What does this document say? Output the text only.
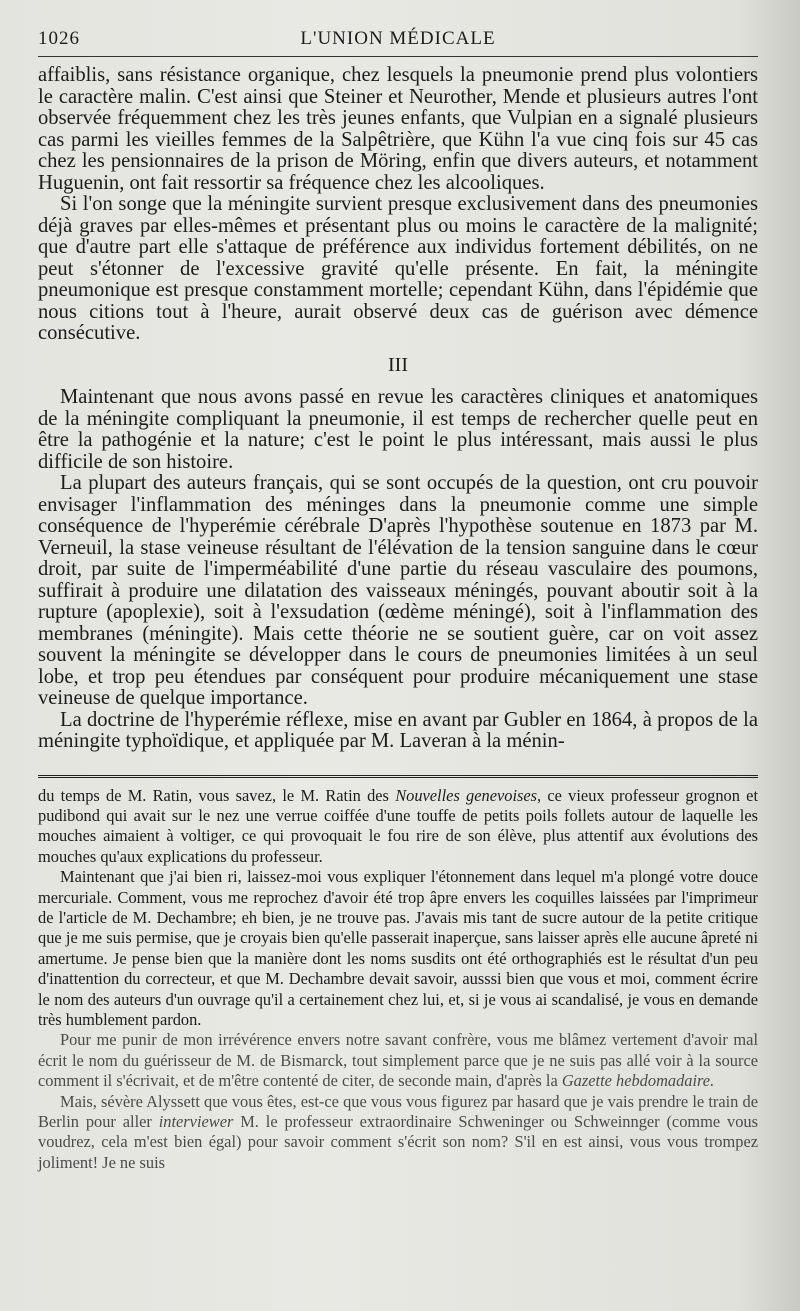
1026	L'UNION MÉDICALE

affaiblis, sans résistance organique, chez lesquels la pneumonie prend plus volontiers le caractère malin. C'est ainsi que Steiner et Neurother, Mende et plusieurs autres l'ont observée fréquemment chez les très jeunes enfants, que Vulpian en a signalé plusieurs cas parmi les vieilles femmes de la Salpêtrière, que Kühn l'a vue cinq fois sur 45 cas chez les pensionnaires de la prison de Möring, enfin que divers auteurs, et notamment Huguenin, ont fait ressortir sa fréquence chez les alcooliques.

Si l'on songe que la méningite survient presque exclusivement dans des pneumonies déjà graves par elles-mêmes et présentant plus ou moins le caractère de la malignité; que d'autre part elle s'attaque de préférence aux individus fortement débilités, on ne peut s'étonner de l'excessive gravité qu'elle présente. En fait, la méningite pneumonique est presque constamment mortelle; cependant Kühn, dans l'épidémie que nous citions tout à l'heure, aurait observé deux cas de guérison avec démence consécutive.

III

Maintenant que nous avons passé en revue les caractères cliniques et anatomiques de la méningite compliquant la pneumonie, il est temps de rechercher quelle peut en être la pathogénie et la nature; c'est le point le plus intéressant, mais aussi le plus difficile de son histoire.

La plupart des auteurs français, qui se sont occupés de la question, ont cru pouvoir envisager l'inflammation des méninges dans la pneumonie comme une simple conséquence de l'hyperémie cérébrale D'après l'hypothèse soutenue en 1873 par M. Verneuil, la stase veineuse résultant de l'élévation de la tension sanguine dans le cœur droit, par suite de l'imperméabilité d'une partie du réseau vasculaire des poumons, suffirait à produire une dilatation des vaisseaux méningés, pouvant aboutir soit à la rupture (apoplexie), soit à l'exsudation (œdème méningé), soit à l'inflammation des membranes (méningite). Mais cette théorie ne se soutient guère, car on voit assez souvent la méningite se développer dans le cours de pneumonies limitées à un seul lobe, et trop peu étendues par conséquent pour produire mécaniquement une stase veineuse de quelque importance.

La doctrine de l'hyperémie réflexe, mise en avant par Gubler en 1864, à propos de la méningite typhoïdique, et appliquée par M. Laveran à la ménin-

du temps de M. Ratin, vous savez, le M. Ratin des Nouvelles genevoises, ce vieux professeur grognon et pudibond qui avait sur le nez une verrue coiffée d'une touffe de petits poils follets autour de laquelle les mouches aimaient à voltiger, ce qui provoquait le fou rire de son élève, plus attentif aux évolutions des mouches qu'aux explications du professeur.

Maintenant que j'ai bien ri, laissez-moi vous expliquer l'étonnement dans lequel m'a plongé votre douce mercuriale. Comment, vous me reprochez d'avoir été trop âpre envers les coquilles laissées par l'imprimeur de l'article de M. Dechambre; eh bien, je ne trouve pas. J'avais mis tant de sucre autour de la petite critique que je me suis permise, que je croyais bien qu'elle passerait inaperçue, sans laisser après elle aucune âpreté ni amertume. Je pense bien que la manière dont les noms susdits ont été orthographiés est le résultat d'un peu d'inattention du correcteur, et que M. Dechambre devait savoir, ausssi bien que vous et moi, comment écrire le nom des auteurs d'un ouvrage qu'il a certainement chez lui, et, si je vous ai scandalisé, je vous en demande très humblement pardon.

Pour me punir de mon irrévérence envers notre savant confrère, vous me blâmez vertement d'avoir mal écrit le nom du guérisseur de M. de Bismarck, tout simplement parce que je ne suis pas allé voir à la source comment il s'écrivait, et de m'être contenté de citer, de seconde main, d'après la Gazette hebdomadaire.

Mais, sévère Alyssett que vous êtes, est-ce que vous vous figurez par hasard que je vais prendre le train de Berlin pour aller interviewer M. le professeur extraordinaire Schweninger ou Schweinnger (comme vous voudrez, cela m'est bien égal) pour savoir comment s'écrit son nom? S'il en est ainsi, vous vous trompez joliment! Je ne suis
